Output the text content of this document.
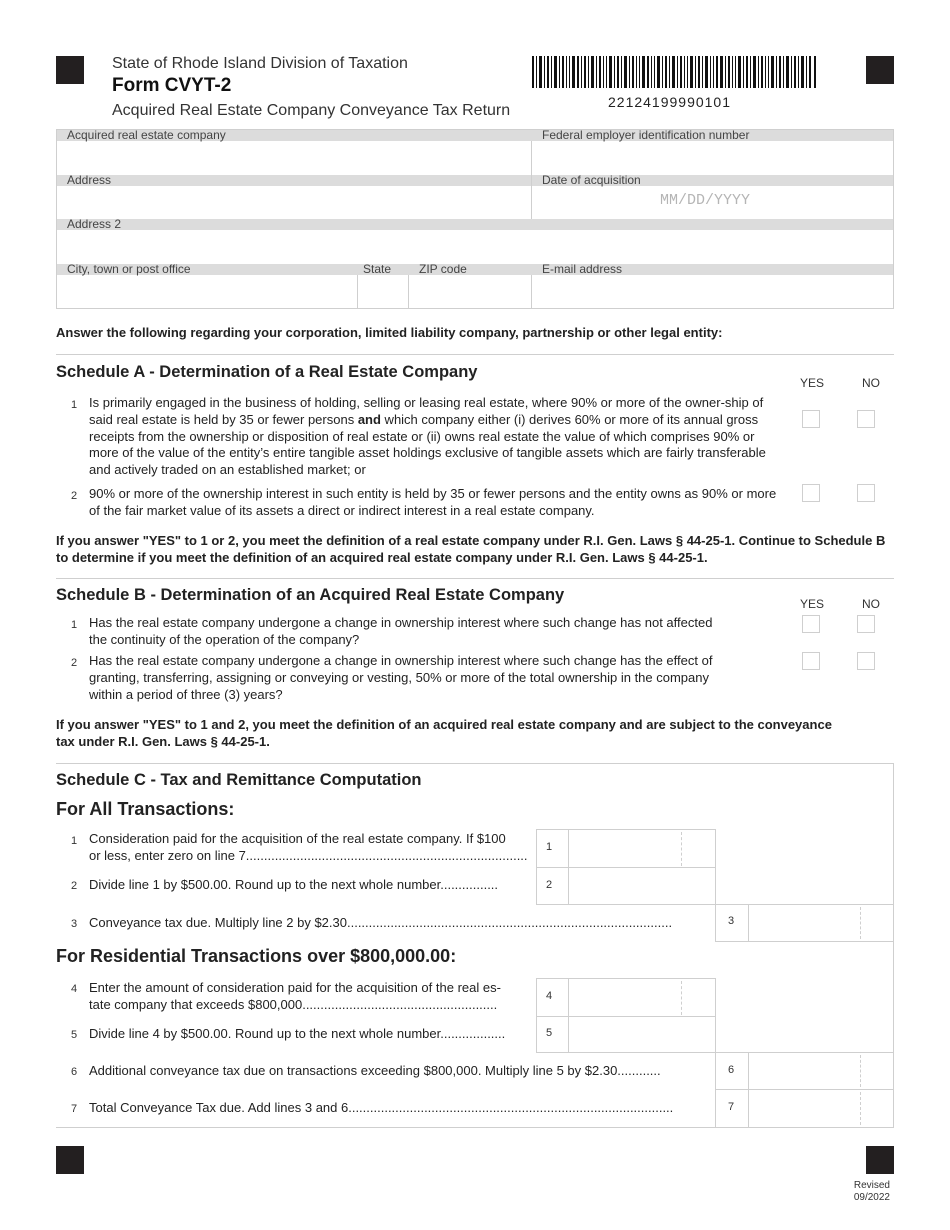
State of Rhode Island Division of Taxation
Form CVYT-2
Acquired Real Estate Company Conveyance Tax Return	22124199990101
Acquired real estate company	Federal employer identification number
Address	Date of acquisition
MM/DD/YYYY
Address 2
City, town or post office	State	ZIP code	E-mail address
Answer the following regarding your corporation, limited liability company, partnership or other legal entity:
Schedule A - Determination of a Real Estate Company
YES	NO
1 Is primarily engaged in the business of holding, selling or leasing real estate, where 90% or more of the owner-ship of said real estate is held by 35 or fewer persons and which company either (i) derives 60% or more of its annual gross receipts from the ownership or disposition of real estate or (ii) owns real estate the value of which comprises 90% or more of the value of the entity’s entire tangible asset holdings exclusive of tangible assets which are fairly transferable and actively traded on an established market; or
2 90% or more of the ownership interest in such entity is held by 35 or fewer persons and the entity owns as 90% or more of the fair market value of its assets a direct or indirect interest in a real estate company.
If you answer "YES" to 1 or 2, you meet the definition of a real estate company under R.I. Gen. Laws § 44-25-1. Continue to Schedule B to determine if you meet the definition of an acquired real estate company under R.I. Gen. Laws § 44-25-1.
Schedule B - Determination of an Acquired Real Estate Company	YES	NO
1 Has the real estate company undergone a change in ownership interest where such change has not affected the continuity of the operation of the company?
2 Has the real estate company undergone a change in ownership interest where such change has the effect of granting, transferring, assigning or conveying or vesting, 50% or more of the total ownership in the company within a period of three (3) years?
If you answer "YES" to 1 and 2, you meet the definition of an acquired real estate company and are subject to the conveyance tax under R.I. Gen. Laws § 44-25-1.
Schedule C - Tax and Remittance Computation
For All Transactions:
1 Consideration paid for the acquisition of the real estate company. If $100
or less, enter zero on line 7..............................................................................
1
2 Divide line 1 by $500.00. Round up to the next whole number................	2
3 Conveyance tax due. Multiply line 2 by $2.30..........................................................................................	3
For Residential Transactions over $800,000.00:
4 Enter the amount of consideration paid for the acquisition of the real es-
tate company that exceeds $800,000......................................................
4
5 Divide line 4 by $500.00. Round up to the next whole number..................	5
6 Additional conveyance tax due on transactions exceeding $800,000. Multiply line 5 by $2.30............	6
7 Total Conveyance Tax due. Add lines 3 and 6..........................................................................................	7
Revised
09/2022
